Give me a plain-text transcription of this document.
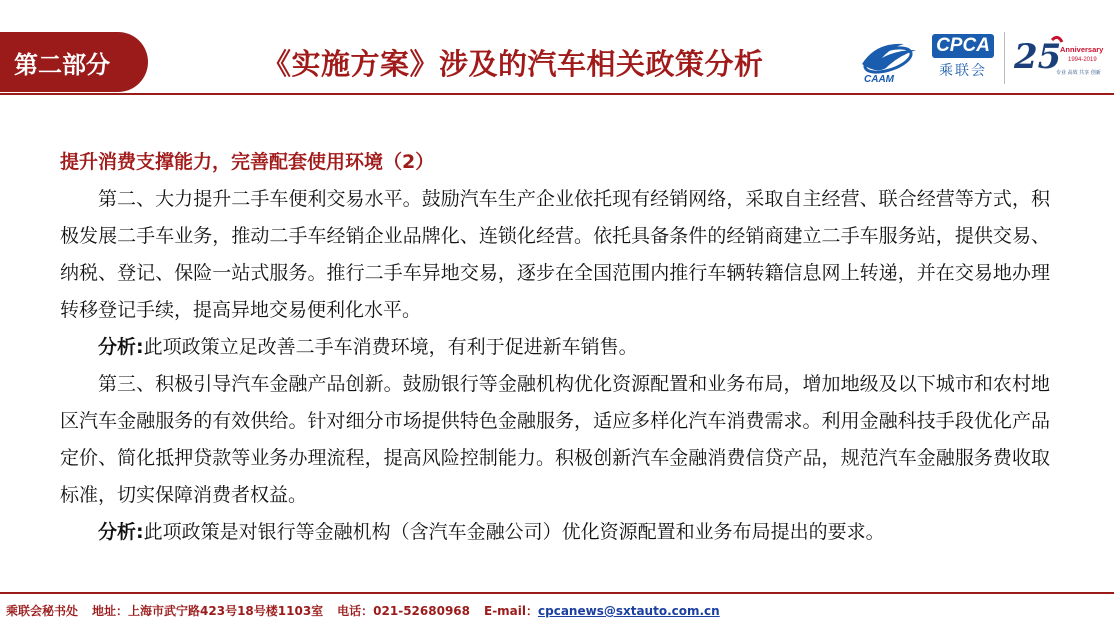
第二部分	《实施方案》涉及的汽车相关政策分析	CAAM
CPCA
乘联会 25
Anniversary
1994-2019
专业 高效 共享 创新
提升消费支撑能力，完善配套使用环境（2）

第二、大力提升二手车便利交易水平。鼓励汽车生产企业依托现有经销网络，采取自主经营、联合经营等方式，积极发展二手车业务，推动二手车经销企业品牌化、连锁化经营。依托具备条件的经销商建立二手车服务站，提供交易、纳税、登记、保险一站式服务。推行二手车异地交易，逐步在全国范围内推行车辆转籍信息网上转递，并在交易地办理转移登记手续，提高异地交易便利化水平。

分析:此项政策立足改善二手车消费环境，有利于促进新车销售。

第三、积极引导汽车金融产品创新。鼓励银行等金融机构优化资源配置和业务布局，增加地级及以下城市和农村地区汽车金融服务的有效供给。针对细分市场提供特色金融服务，适应多样化汽车消费需求。利用金融科技手段优化产品定价、简化抵押贷款等业务办理流程，提高风险控制能力。积极创新汽车金融消费信贷产品，规范汽车金融服务费收取标准，切实保障消费者权益。

分析:此项政策是对银行等金融机构（含汽车金融公司）优化资源配置和业务布局提出的要求。

乘联会秘书处 地址：上海市武宁路423号18号楼1103室 电话：021-52680968 E-mail：cpcanews@sxtauto.com.cn
